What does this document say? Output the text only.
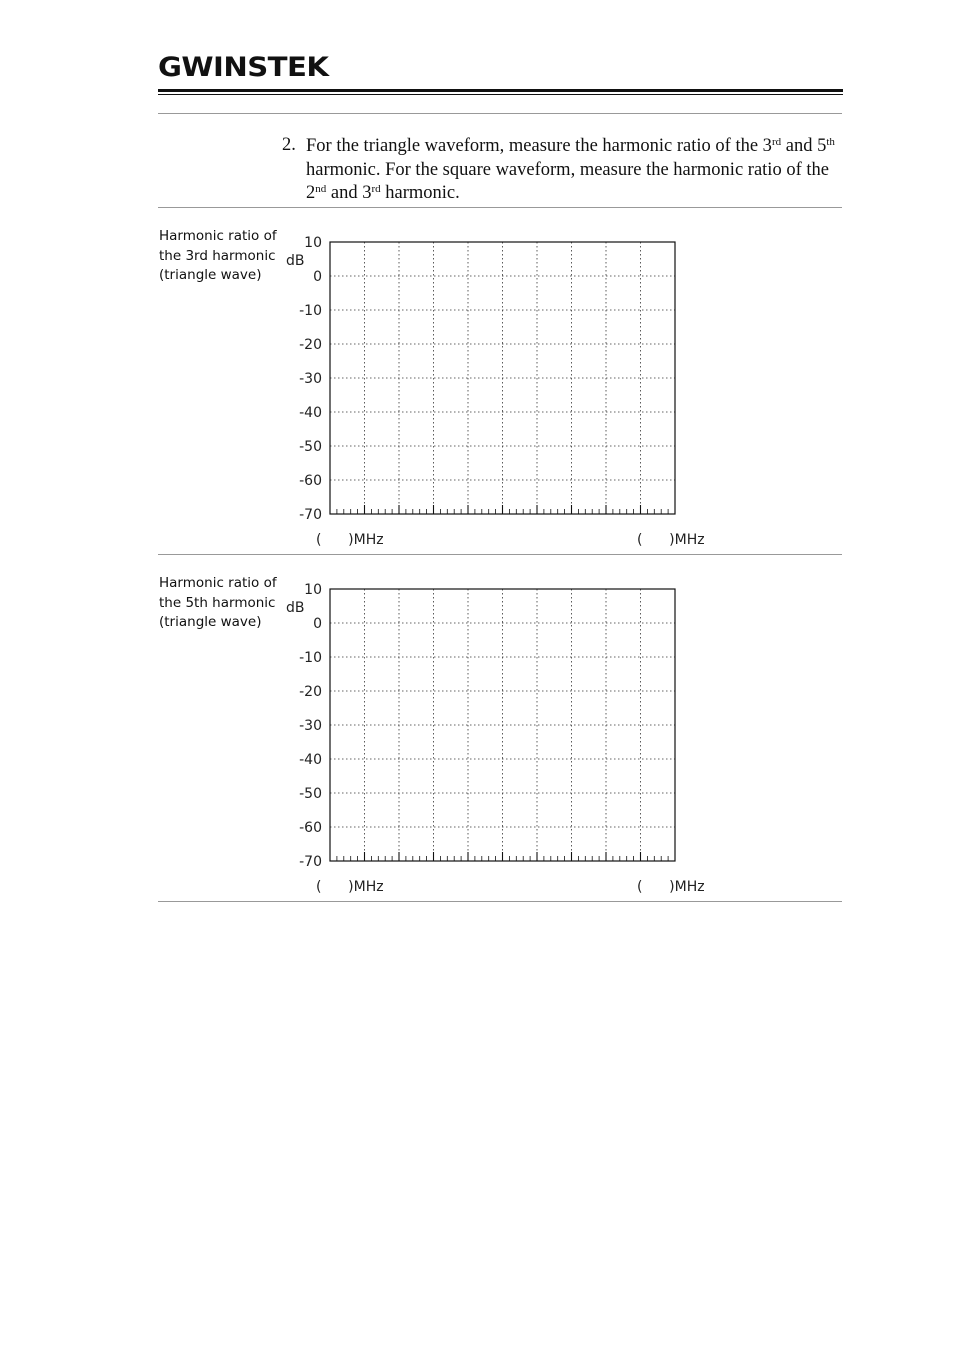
GWINSTEK
2. For the triangle waveform, measure the harmonic ratio of the 3rd and 5th harmonic. For the square waveform, measure the harmonic ratio of the 2nd and 3rd harmonic.
Harmonic ratio of the 3rd harmonic (triangle wave)
10
0
-10
-20
-30
-40
-50
-60
-70
dB
(      )MHz	(      )MHz
Harmonic ratio of the 5th harmonic (triangle wave)
10
0
-10
-20
-30
-40
-50
-60
-70
dB
(      )MHz	(      )MHz
